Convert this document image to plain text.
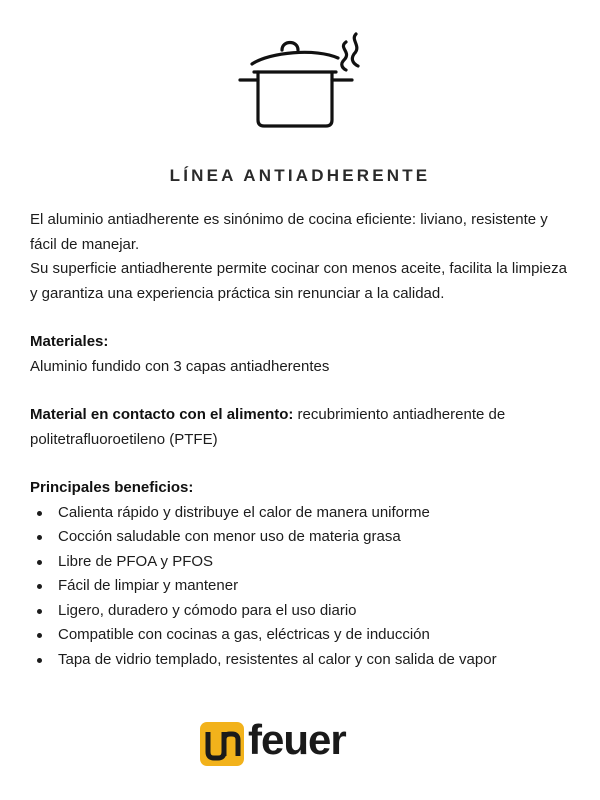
LÍNEA ANTIADHERENTE

El aluminio antiadherente es sinónimo de cocina eficiente: liviano, resistente y fácil de manejar.

Su superficie antiadherente permite cocinar con menos aceite, facilita la limpieza y garantiza una experiencia práctica sin renunciar a la calidad.

Materiales:
Aluminio fundido con 3 capas antiadherentes
Material en contacto con el alimento: recubrimiento antiadherente de politetrafluoroetileno (PTFE)
Principales beneficios:
Calienta rápido y distribuye el calor de manera uniforme
Cocción saludable con menor uso de materia grasa
Libre de PFOA y PFOS
Fácil de limpiar y mantener
Ligero, duradero y cómodo para el uso diario
Compatible con cocinas a gas, eléctricas y de inducción
Tapa de vidrio templado, resistentes al calor y con salida de vapor
feuer
